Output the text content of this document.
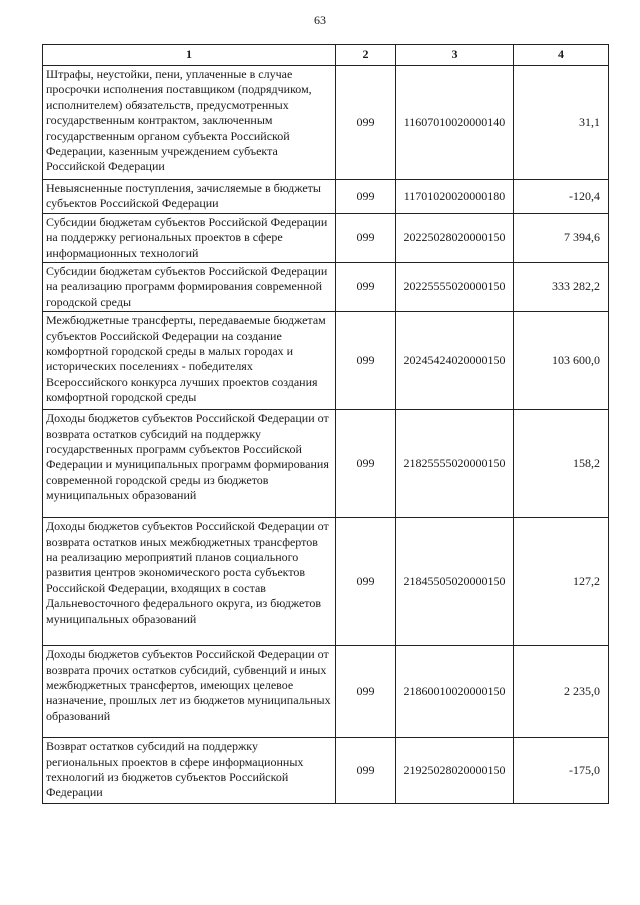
63
1	2	3	4
Штрафы, неустойки, пени, уплаченные в случае просрочки исполнения поставщиком (подрядчиком, исполнителем) обязательств, предусмотренных государственным контрактом, заключенным государственным органом субъекта Российской Федерации, казенным учреждением субъекта Российской Федерации	099	11607010020000140	31,1
Невыясненные поступления, зачисляемые в бюджеты субъектов Российской Федерации	099	11701020020000180	-120,4
Субсидии бюджетам субъектов Российской Федерации на поддержку региональных проектов в сфере информационных технологий	099	20225028020000150	7 394,6
Субсидии бюджетам субъектов Российской Федерации на реализацию программ формирования современной городской среды	099	20225555020000150	333 282,2
Межбюджетные трансферты, передаваемые бюджетам субъектов Российской Федерации на создание комфортной городской среды в малых городах и исторических поселениях - победителях Всероссийского конкурса лучших проектов создания комфортной городской среды	099	20245424020000150	103 600,0
Доходы бюджетов субъектов Российской Федерации от возврата остатков субсидий на поддержку государственных программ субъектов Российской Федерации и муниципальных программ формирования современной городской среды из бюджетов муниципальных образований	099	21825555020000150	158,2
Доходы бюджетов субъектов Российской Федерации от возврата остатков иных межбюджетных трансфертов на реализацию мероприятий планов социального развития центров экономического роста субъектов Российской Федерации, входящих в состав Дальневосточного федерального округа, из бюджетов муниципальных образований	099	21845505020000150	127,2
Доходы бюджетов субъектов Российской Федерации от возврата прочих остатков субсидий, субвенций и иных межбюджетных трансфертов, имеющих целевое назначение, прошлых лет из бюджетов муниципальных образований	099	21860010020000150	2 235,0
Возврат остатков субсидий на поддержку региональных проектов в сфере информационных технологий из бюджетов субъектов Российской Федерации	099	21925028020000150	-175,0
